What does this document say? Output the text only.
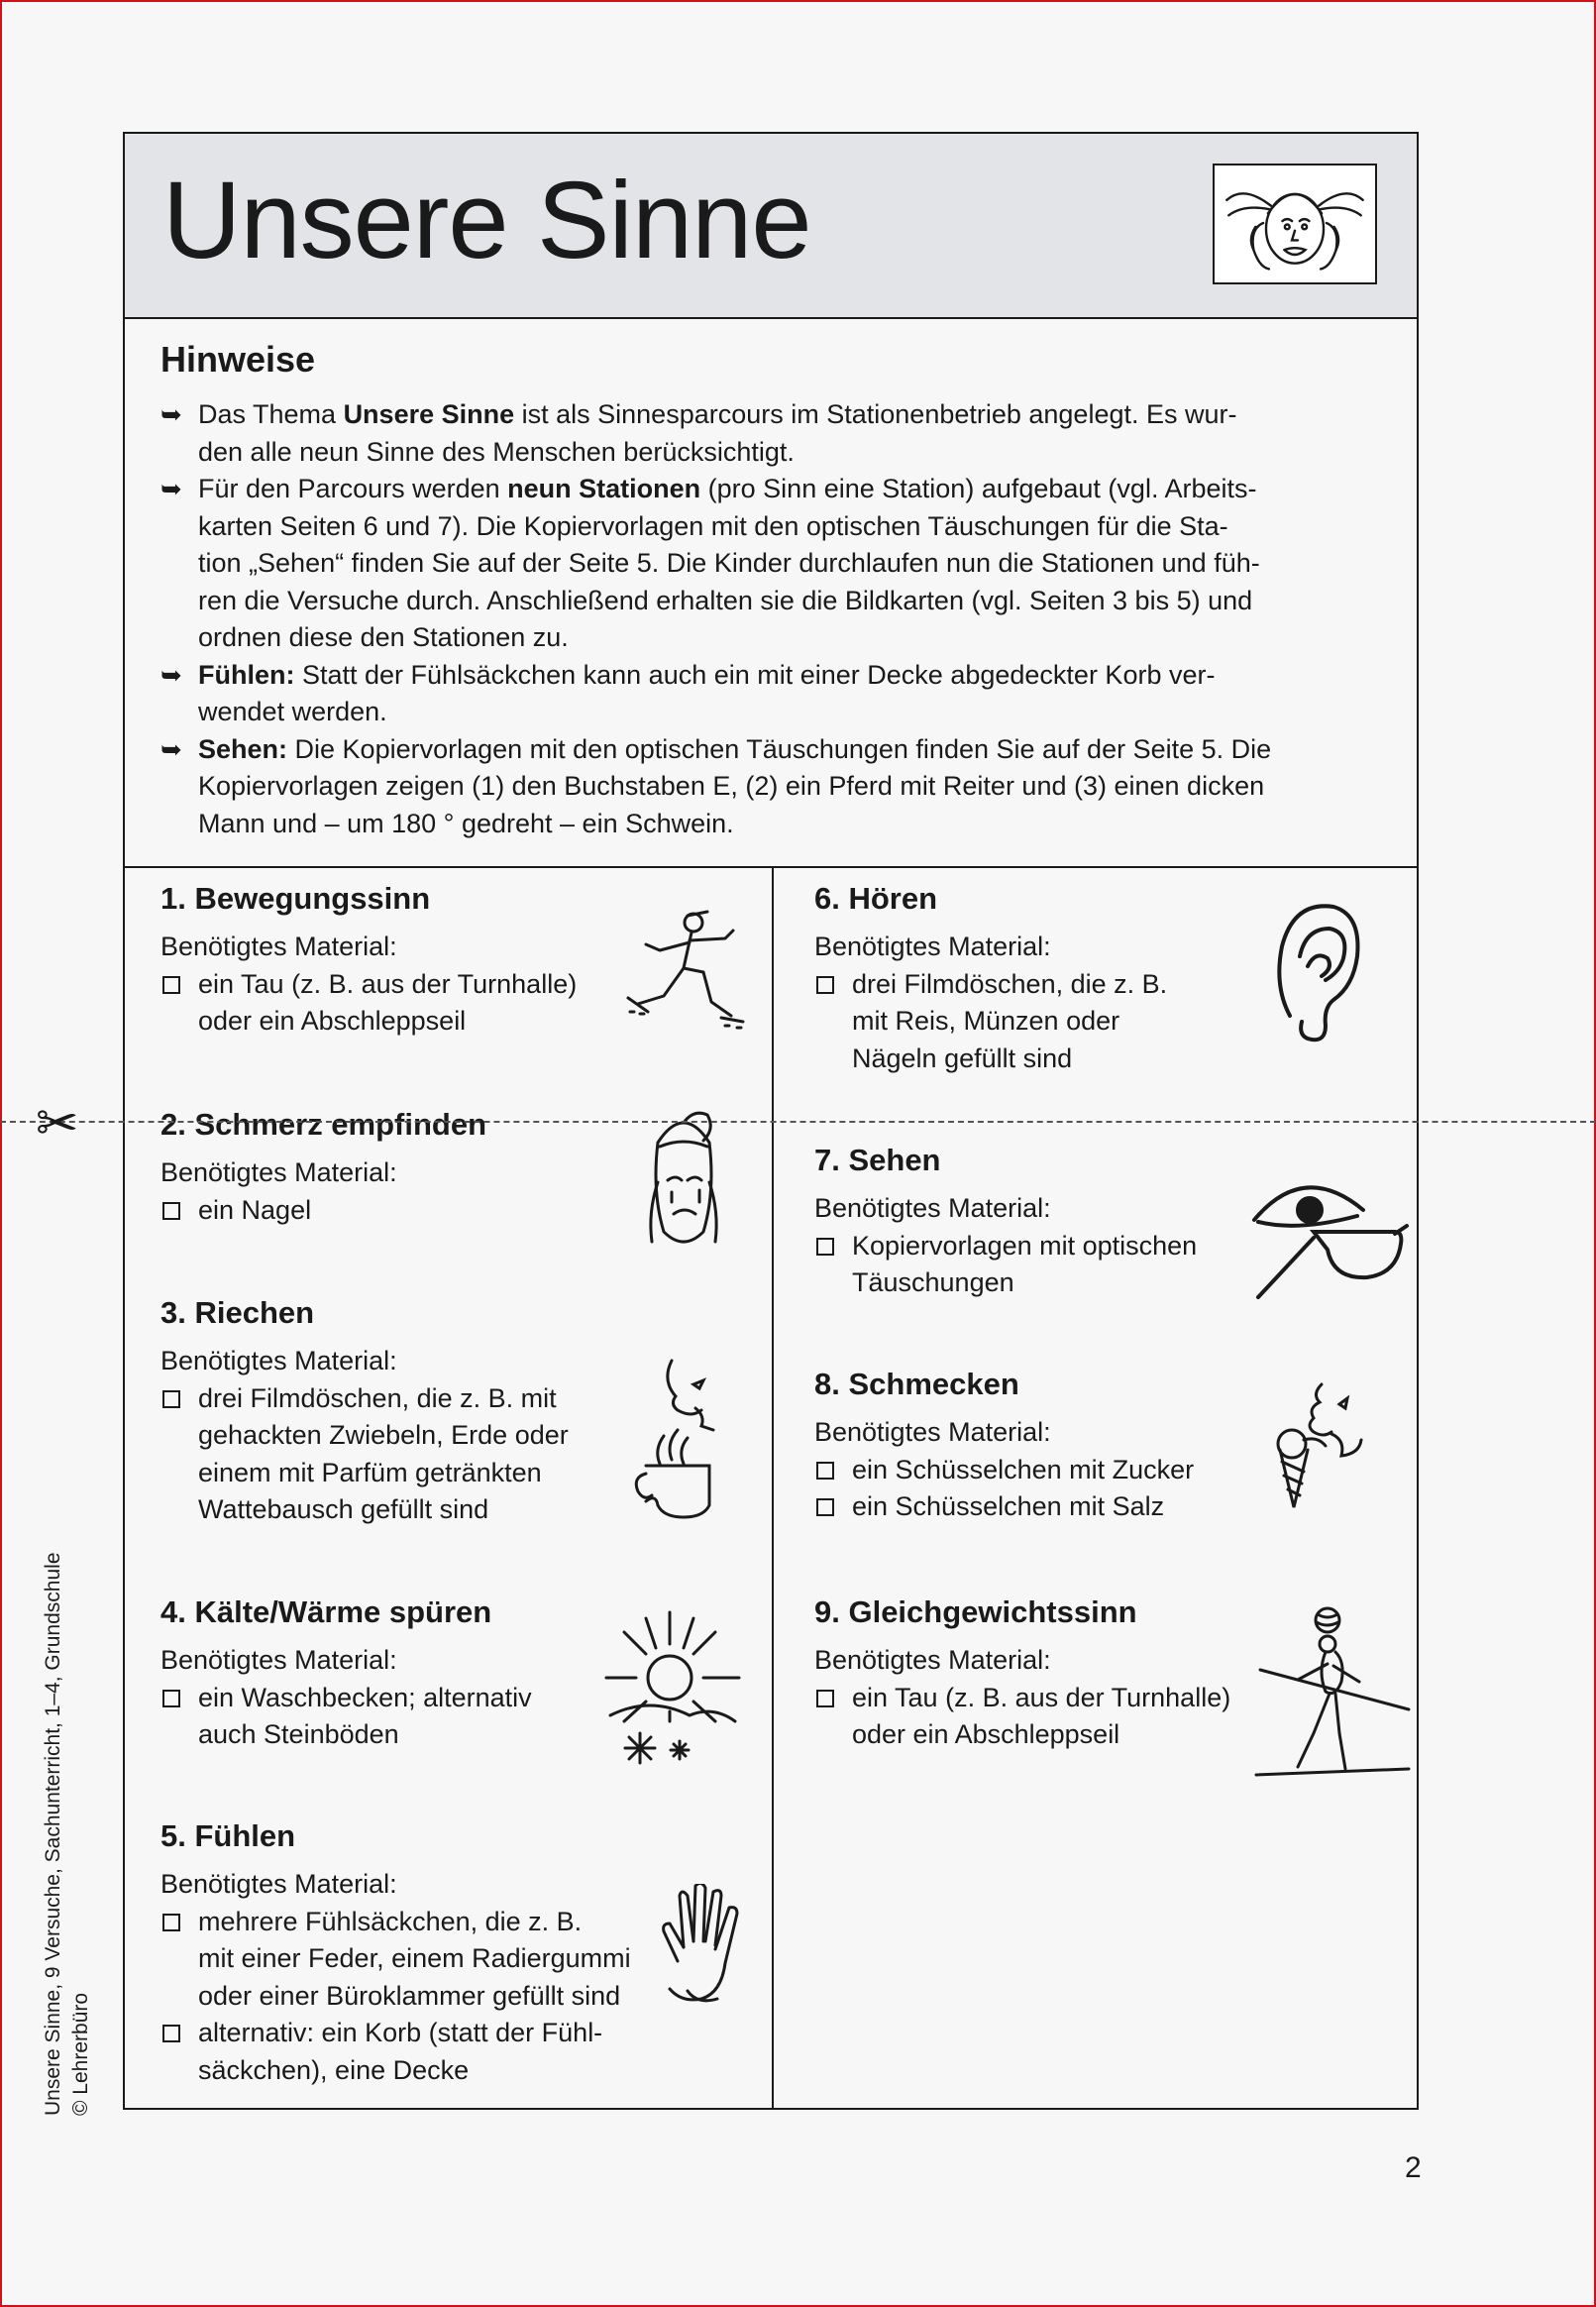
Unsere Sinne
Hinweise
➥ Das Thema Unsere Sinne ist als Sinnesparcours im Stationenbetrieb angelegt. Es wur-
den alle neun Sinne des Menschen berücksichtigt.
➥ Für den Parcours werden neun Stationen (pro Sinn eine Station) aufgebaut (vgl. Arbeits-
karten Seiten 6 und 7). Die Kopiervorlagen mit den optischen Täuschungen für die Sta-
tion „Sehen“ finden Sie auf der Seite 5. Die Kinder durchlaufen nun die Stationen und füh-
ren die Versuche durch. Anschließend erhalten sie die Bildkarten (vgl. Seiten 3 bis 5) und
ordnen diese den Stationen zu.
➥ Fühlen: Statt der Fühlsäckchen kann auch ein mit einer Decke abgedeckter Korb ver-
wendet werden.
➥ Sehen: Die Kopiervorlagen mit den optischen Täuschungen finden Sie auf der Seite 5. Die
Kopiervorlagen zeigen (1) den Buchstaben E, (2) ein Pferd mit Reiter und (3) einen dicken
Mann und – um 180 ° gedreht – ein Schwein.
1. Bewegungssinn
Benötigtes Material:
ein Tau (z. B. aus der Turnhalle)
oder ein Abschleppseil
2. Schmerz empfinden
Benötigtes Material:
ein Nagel
3. Riechen
Benötigtes Material:
drei Filmdöschen, die z. B. mit
gehackten Zwiebeln, Erde oder
einem mit Parfüm getränkten
Wattebausch gefüllt sind
4. Kälte/Wärme spüren
Benötigtes Material:
ein Waschbecken; alternativ
auch Steinböden
5. Fühlen
Benötigtes Material:
mehrere Fühlsäckchen, die z. B.
mit einer Feder, einem Radiergummi
oder einer Büroklammer gefüllt sind
alternativ: ein Korb (statt der Fühl-
säckchen), eine Decke
6. Hören
Benötigtes Material:
drei Filmdöschen, die z. B.
mit Reis, Münzen oder
Nägeln gefüllt sind
7. Sehen
Benötigtes Material:
Kopiervorlagen mit optischen
Täuschungen
8. Schmecken
Benötigtes Material:
ein Schüsselchen mit Zucker
ein Schüsselchen mit Salz
9. Gleichgewichtssinn
Benötigtes Material:
ein Tau (z. B. aus der Turnhalle)
oder ein Abschleppseil
✂
Unsere Sinne, 9 Versuche, Sachunterricht, 1–4, Grundschule © Lehrerbüro
2
